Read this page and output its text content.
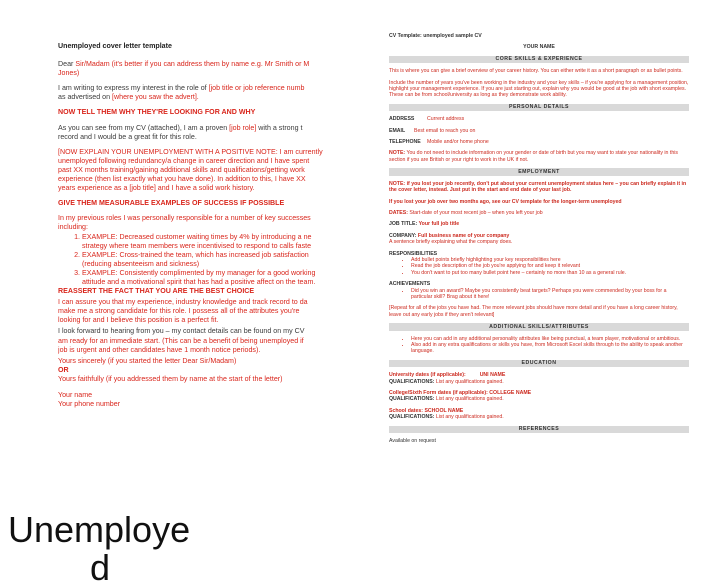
Unemployed cover letter template

Dear Sir/Madam (it's better if you can address them by name e.g. Mr Smith or M
Jones)

I am writing to express my interest in the role of [job title or job reference numb
as advertised on [where you saw the advert].

NOW TELL THEM WHY THEY'RE LOOKING FOR AND WHY

As you can see from my CV (attached), I am a proven [job role] with a strong t
record and I would be a great fit for this role.

[NOW EXPLAIN YOUR UNEMPLOYMENT WITH A POSITIVE NOTE: I am currently
unemployed following redundancy/a change in career direction and I have spent
past XX months training/gaining additional skills and qualifications/getting work
experience (then list exactly what you have done). In addition to this, I have XX
years experience as a [job title] and I have a solid work history.

GIVE THEM MEASURABLE EXAMPLES OF SUCCESS IF POSSIBLE

In my previous roles I was personally responsible for a number of key successes
including:
1. EXAMPLE: Decreased customer waiting times by 4% by introducing a ne
strategy where team members were incentivised to respond to calls faste
2. EXAMPLE: Cross-trained the team, which has increased job satisfaction
(reducing absenteeism and sickness)
3. EXAMPLE: Consistently complimented by my manager for a good working
attitude and a motivational spirit that has had a positive affect on the team.

REASSERT THE FACT THAT YOU ARE THE BEST CHOICE

I can assure you that my experience, industry knowledge and track record to da
make me a strong candidate for this role. I possess all of the attributes you're
looking for and I believe this position is a perfect fit.

I look forward to hearing from you – my contact details can be found on my CV
am ready for an immediate start. (This can be a benefit of being unemployed if
job is urgent and other candidates have 1 month notice periods).

Yours sincerely (if you started the letter Dear Sir/Madam)
OR
Yours faithfully (if you addressed them by name at the start of the letter)

Your name
Your phone number

Unemploye
d
CV Template: unemployed sample CV
YOUR NAME
CORE SKILLS & EXPERIENCE
This is where you can give a brief overview of your career history. You can either write it as a short paragraph or as bullet points.
Include the number of years you've been working in the industry and your key skills – if you're applying for a management position, highlight your management experience. If you are just starting out, explain why you would be good at the job with short examples. These can be from school/university as long as they demonstrate work ability.
PERSONAL DETAILS
ADDRESS Current address
EMAIL Best email to reach you on
TELEPHONE Mobile and/or home phone
NOTE: You do not need to include information on your gender or date of birth but you may want to state your nationality in this section if you are British or your right to work in the UK if not.
EMPLOYMENT
NOTE: if you lost your job recently, don't put about your current unemployment status here – you can briefly explain it in the cover letter, instead. Just put in the start and end date of your last job.
If you lost your job over two months ago, see our CV template for the longer-term unemployed
DATES: Start-date of your most recent job – when you left your job
JOB TITLE: Your full job title
COMPANY: Full business name of your company
A sentence briefly explaining what the company does.
RESPONSIBILITIES
• Add bullet points briefly highlighting your key responsibilities here
• Read the job description of the job you're applying for and keep it relevant
• You don't want to put too many bullet point here – certainly no more than 10 as a general rule.
ACHIEVEMENTS
• Did you win an award? Maybe you consistently beat targets? Perhaps you were commended by your boss for a particular skill? Brag about it here!
[Repeat for all of the jobs you have had. The more relevant jobs should have more detail and if you have a long career history, leave out any early jobs if they aren't relevant]
ADDITIONAL SKILLS/ATTRIBUTES
• Here you can add in any additional personality attributes like being punctual, a team player, motivational or ambitious.
• Also add in any extra qualifications or skills you have, from Microsoft Excel skills through to the ability to speak another language.
EDUCATION
University dates (if applicable):	UNI NAME
QUALIFICATIONS: List any qualifications gained.
College/Sixth Form dates (if applicable): COLLEGE NAME
QUALIFICATIONS: List any qualifications gained.
School dates: SCHOOL NAME
QUALIFICATIONS: List any qualifications gained.
REFERENCES
Available on request
